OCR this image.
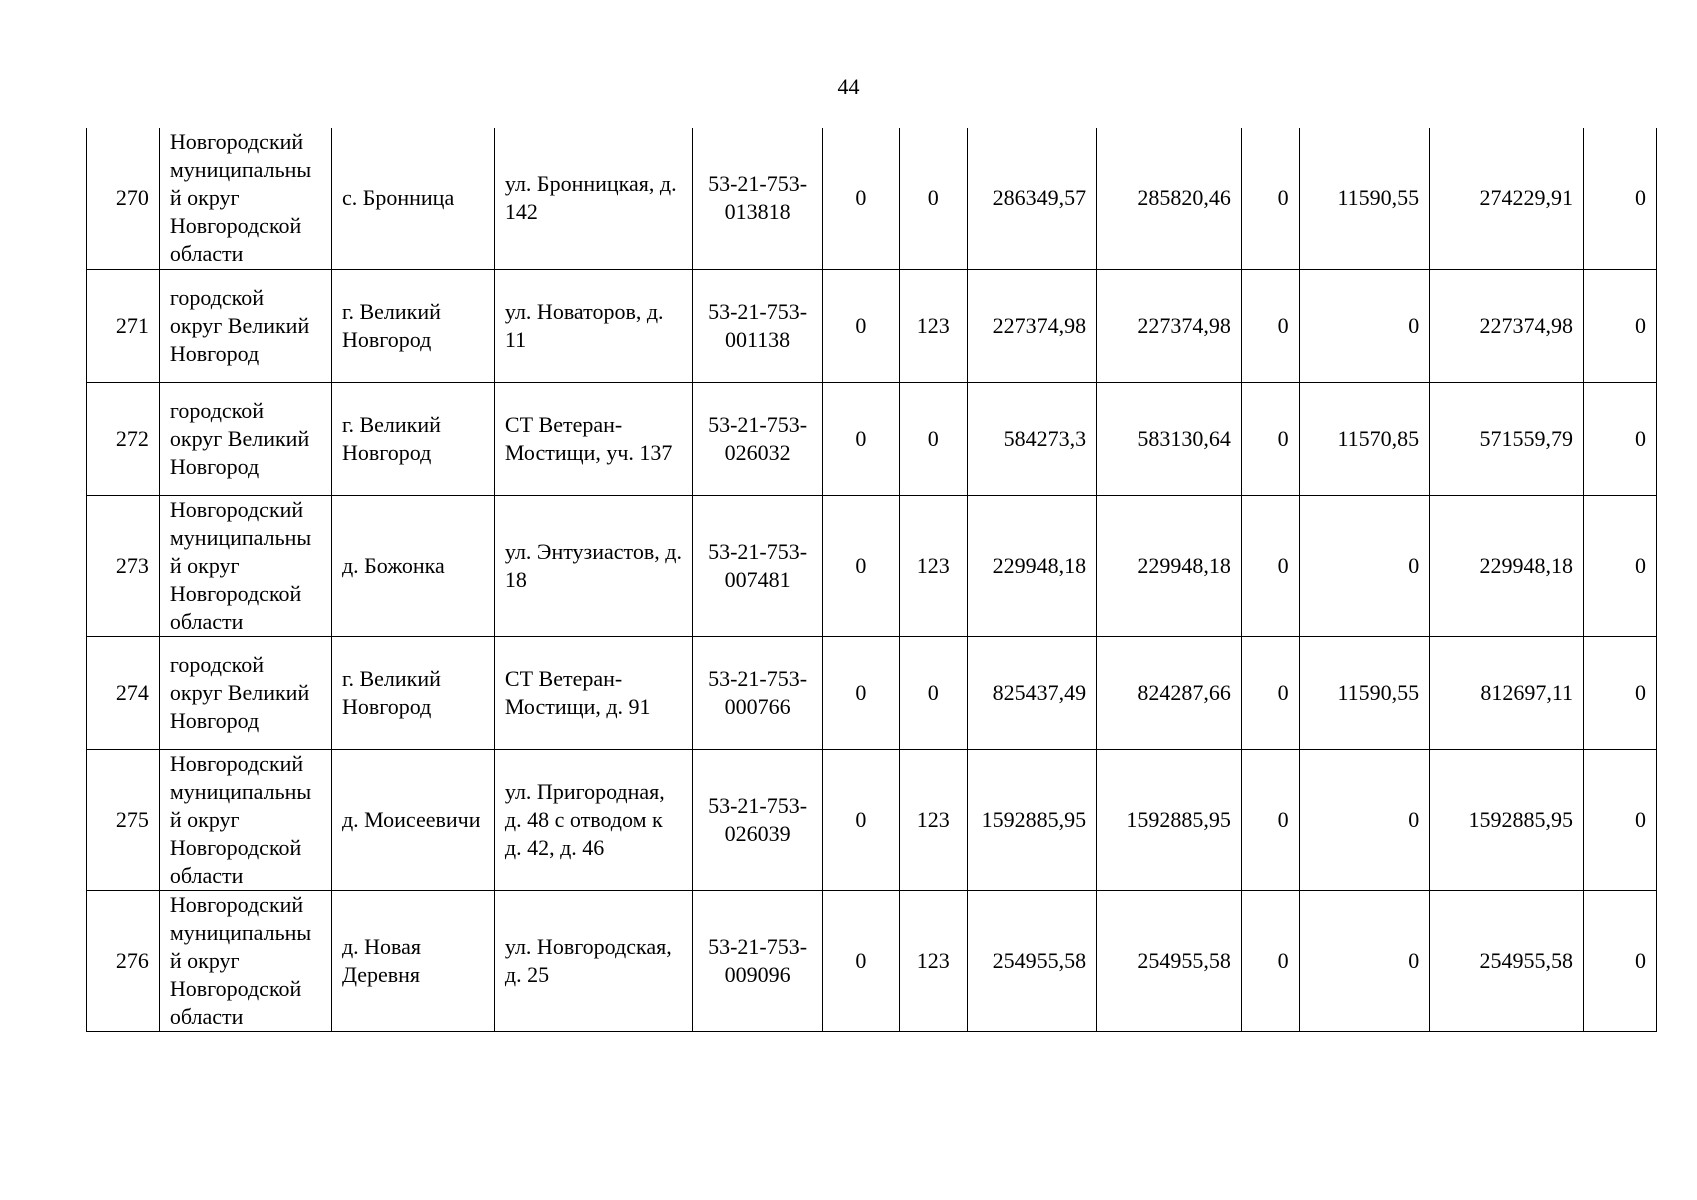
44
270	Новгородский муниципальный округ Новгородской области	с. Бронница	ул. Бронницкая, д. 142	53-21-753-013818	0	0	286349,57	285820,46	0	11590,55	274229,91	0
271	городской округ Великий Новгород	г. Великий Новгород	ул. Новаторов, д. 11	53-21-753-001138	0	123	227374,98	227374,98	0	0	227374,98	0
272	городской округ Великий Новгород	г. Великий Новгород	СТ Ветеран-Мостищи, уч. 137	53-21-753-026032	0	0	584273,3	583130,64	0	11570,85	571559,79	0
273	Новгородский муниципальный округ Новгородской области	д. Божонка	ул. Энтузиастов, д. 18	53-21-753-007481	0	123	229948,18	229948,18	0	0	229948,18	0
274	городской округ Великий Новгород	г. Великий Новгород	СТ Ветеран-Мостищи, д. 91	53-21-753-000766	0	0	825437,49	824287,66	0	11590,55	812697,11	0
275	Новгородский муниципальный округ Новгородской области	д. Моисеевичи	ул. Пригородная, д. 48 с отводом к д. 42, д. 46	53-21-753-026039	0	123	1592885,95	1592885,95	0	0	1592885,95	0
276	Новгородский муниципальный округ Новгородской области	д. Новая Деревня	ул. Новгородская, д. 25	53-21-753-009096	0	123	254955,58	254955,58	0	0	254955,58	0
